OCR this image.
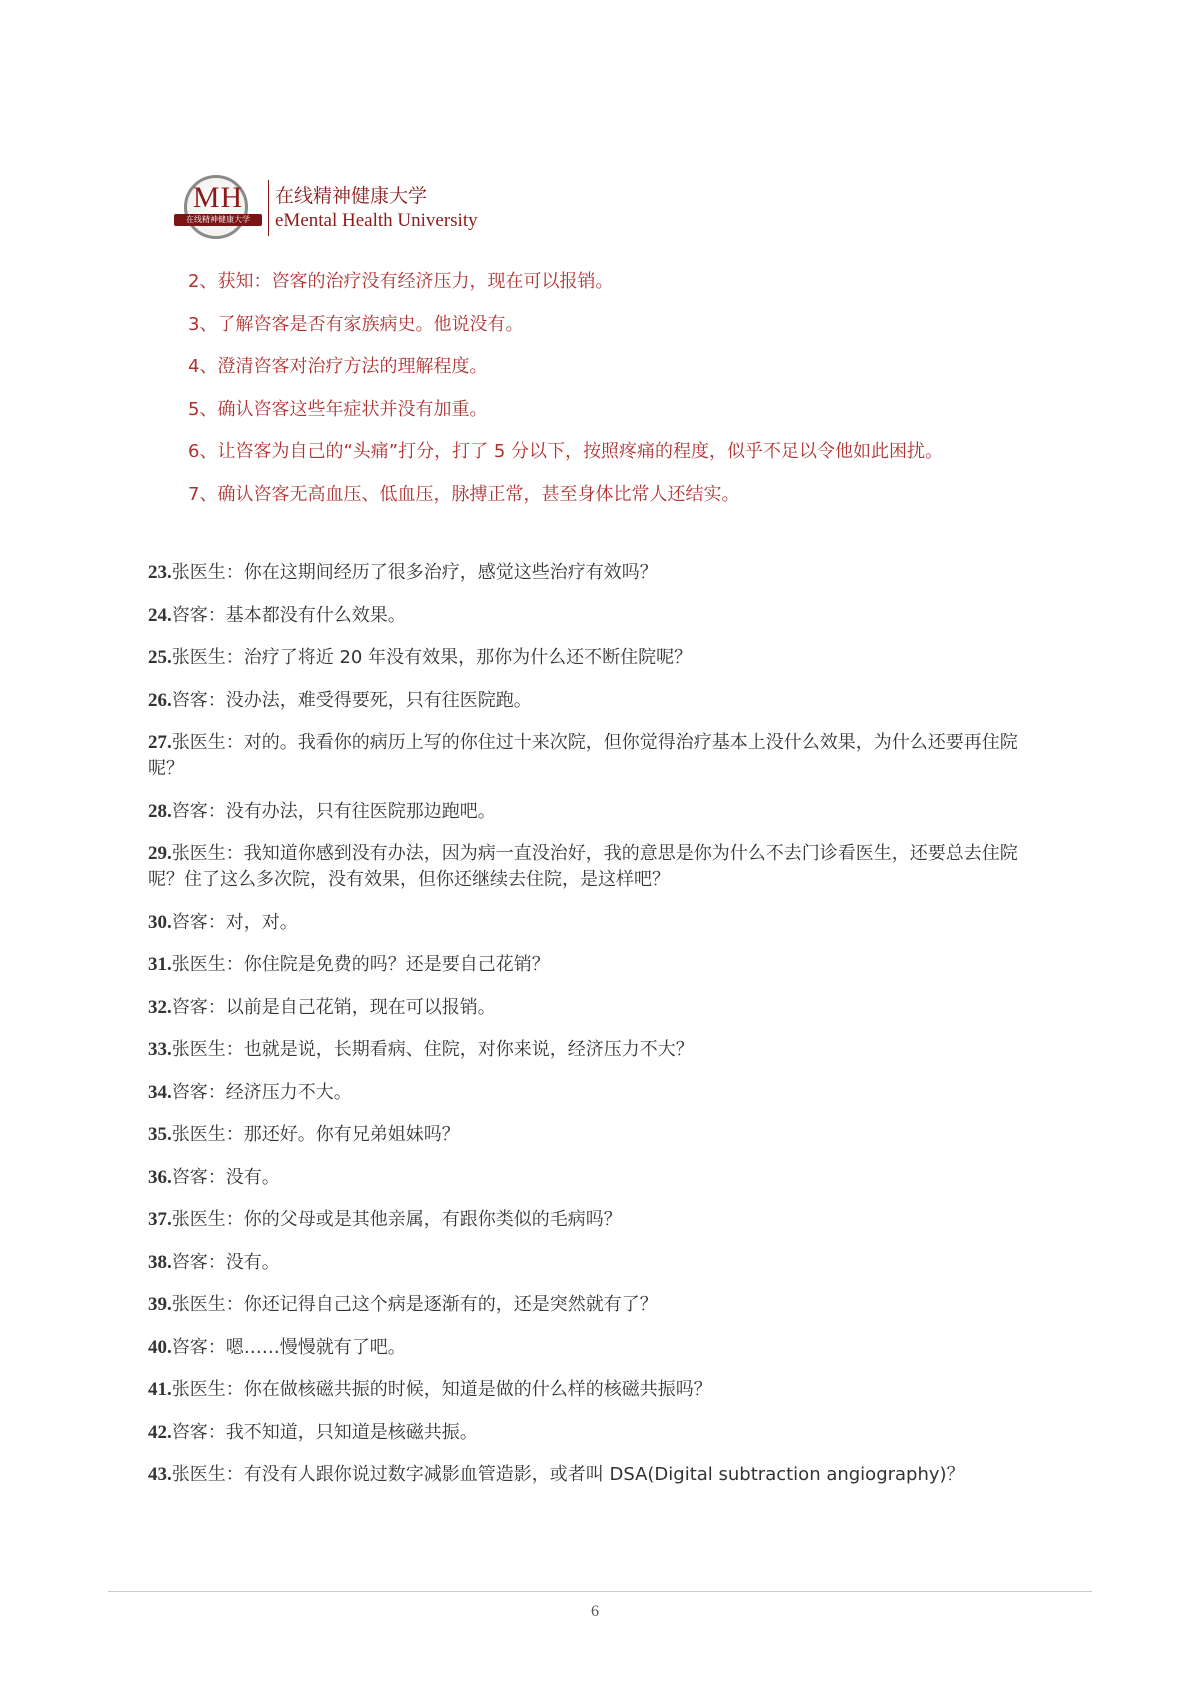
MH
在线精神健康大学
在线精神健康大学
eMental Health University
2、获知：咨客的治疗没有经济压力，现在可以报销。
3、了解咨客是否有家族病史。他说没有。
4、澄清咨客对治疗方法的理解程度。
5、确认咨客这些年症状并没有加重。
6、让咨客为自己的“头痛”打分，打了 5 分以下，按照疼痛的程度，似乎不足以令他如此困扰。
7、确认咨客无高血压、低血压，脉搏正常，甚至身体比常人还结实。
23.张医生：你在这期间经历了很多治疗，感觉这些治疗有效吗？
24.咨客：基本都没有什么效果。
25.张医生：治疗了将近 20 年没有效果，那你为什么还不断住院呢？
26.咨客：没办法，难受得要死，只有往医院跑。
27.张医生：对的。我看你的病历上写的你住过十来次院，但你觉得治疗基本上没什么效果，为什么还要再住院呢？
28.咨客：没有办法，只有往医院那边跑吧。
29.张医生：我知道你感到没有办法，因为病一直没治好，我的意思是你为什么不去门诊看医生，还要总去住院呢？住了这么多次院，没有效果，但你还继续去住院，是这样吧？
30.咨客：对，对。
31.张医生：你住院是免费的吗？还是要自己花销？
32.咨客：以前是自己花销，现在可以报销。
33.张医生：也就是说，长期看病、住院，对你来说，经济压力不大？
34.咨客：经济压力不大。
35.张医生：那还好。你有兄弟姐妹吗？
36.咨客：没有。
37.张医生：你的父母或是其他亲属，有跟你类似的毛病吗？
38.咨客：没有。
39.张医生：你还记得自己这个病是逐渐有的，还是突然就有了？
40.咨客：嗯……慢慢就有了吧。
41.张医生：你在做核磁共振的时候，知道是做的什么样的核磁共振吗？
42.咨客：我不知道，只知道是核磁共振。
43.张医生：有没有人跟你说过数字减影血管造影，或者叫 DSA(Digital subtraction angiography)？
6
